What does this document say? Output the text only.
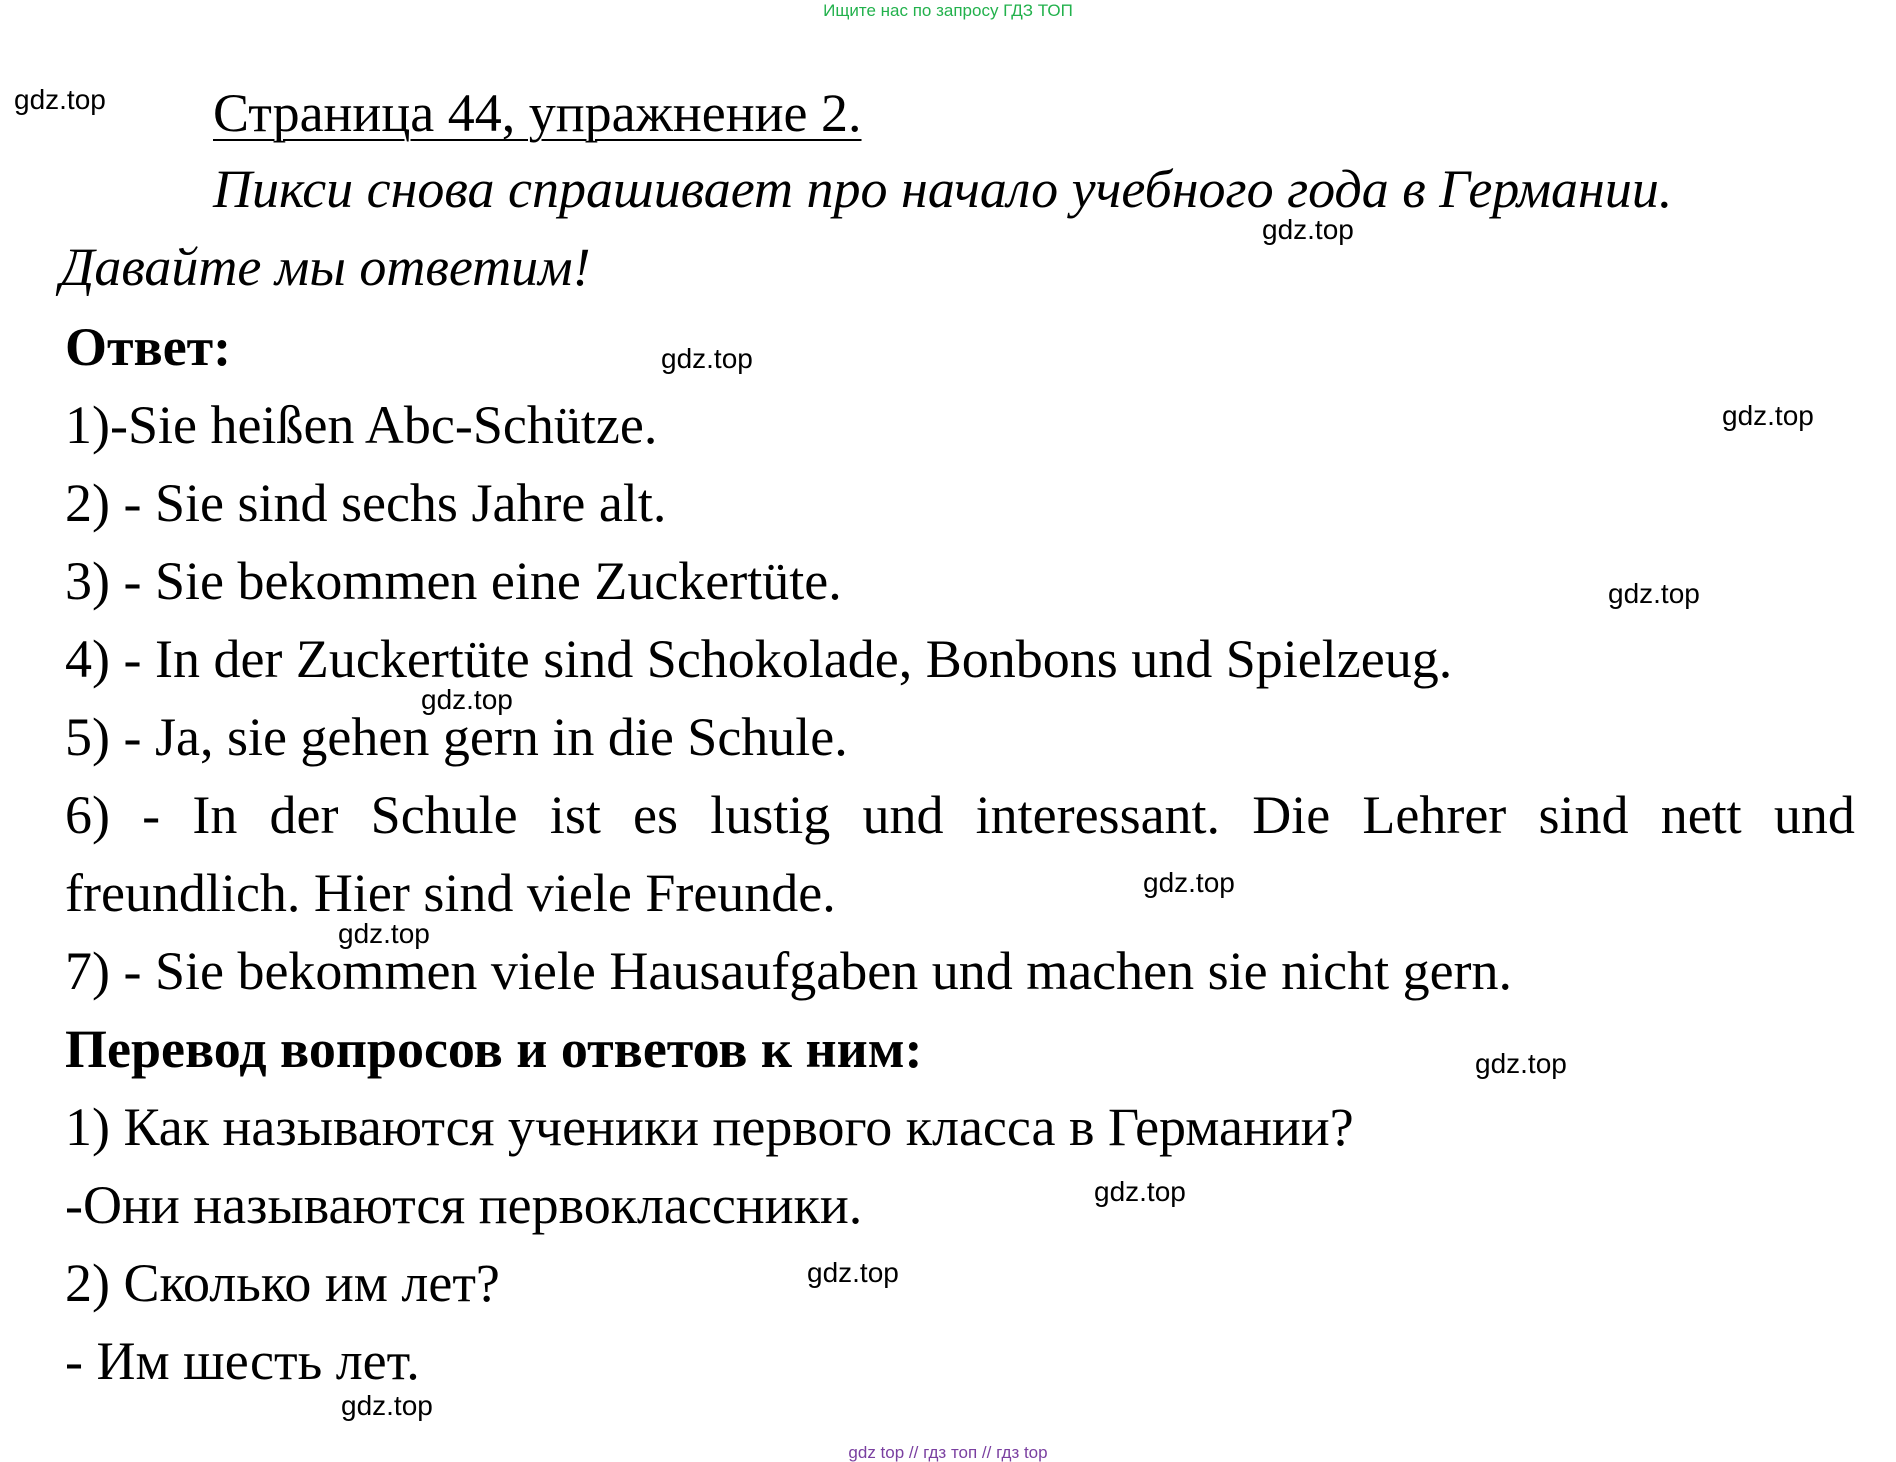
Ищите нас по запросу ГДЗ ТОП
Страница 44, упражнение 2.
Пикси снова спрашивает про начало учебного года в Германии.
Давайте мы ответим!
Ответ:
1)-Sie heißen Abc-Schütze.
2) - Sie sind sechs Jahre alt.
3) - Sie bekommen eine Zuckertüte.
4) - In der Zuckertüte sind Schokolade, Bonbons und Spielzeug.
5) - Ja, sie gehen gern in die Schule.
6) - In der Schule ist es lustig und interessant. Die Lehrer sind nett und
freundlich. Hier sind viele Freunde.
7) - Sie bekommen viele Hausaufgaben und machen sie nicht gern.
Перевод вопросов и ответов к ним:
1) Как называются ученики первого класса в Германии?
-Они называются первоклассники.
2) Сколько им лет?
- Им шесть лет.
gdz.top
gdz.top
gdz.top
gdz.top
gdz.top
gdz.top
gdz.top
gdz.top
gdz.top
gdz.top
gdz.top
gdz.top
gdz top // гдз топ // гдз top
